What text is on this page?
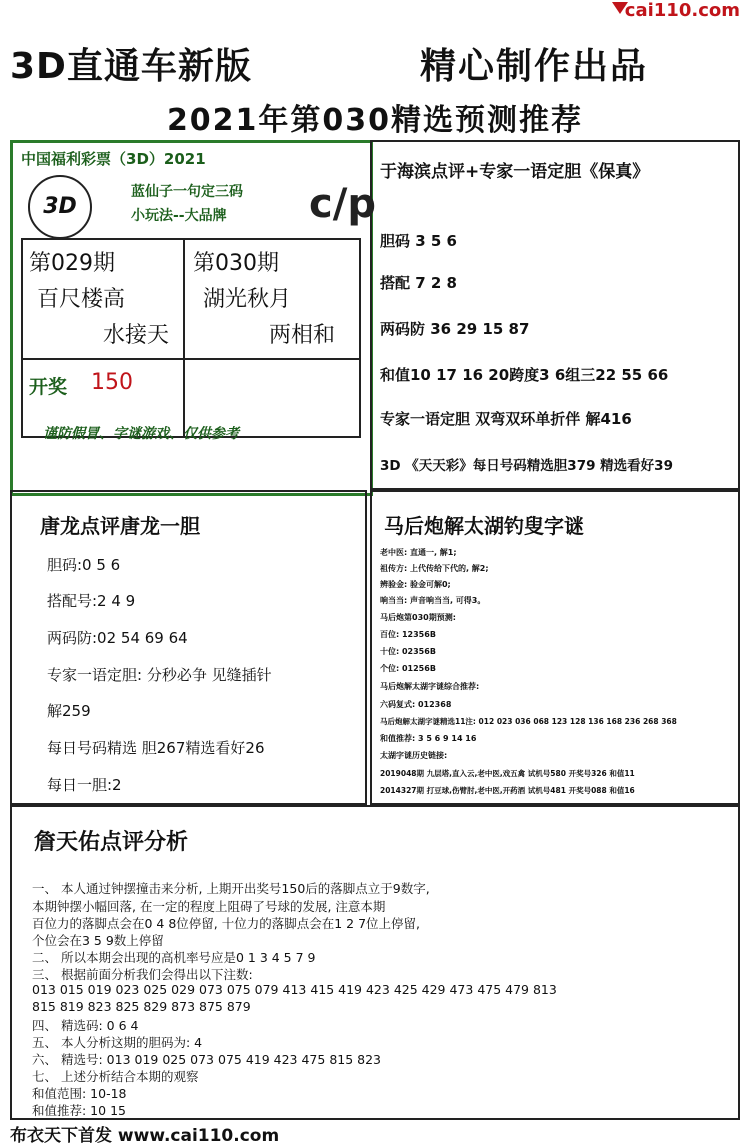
cai110.com
3D直通车新版	精心制作出品
2021年第030精选预测推荐
中国福利彩票（3D）2021
3D
蓝仙子一句定三码
小玩法--大品牌 c/p
第029期
百尺楼高
水接天
第030期
湖光秋月
两相和
开奖 150
谨防假冒、字谜游戏、仅供参考
于海滨点评+专家一语定胆《保真》
胆码 3 5 6
搭配 7 2 8
两码防 36 29 15 87
和值10 17 16 20跨度3 6组三22 55 66
专家一语定胆 双弯双环单折伴 解416
3D 《天天彩》每日号码精选胆379 精选看好39
唐龙点评唐龙一胆
胆码:0 5 6
搭配号:2 4 9
两码防:02 54 69 64
专家一语定胆: 分秒必争 见缝插针
解259
每日号码精选 胆267精选看好26
每日一胆:2
马后炮解太湖钓叟字谜
老中医: 直通一, 解1;
祖传方: 上代传给下代的, 解2;
辨验金: 验金可解0;
响当当: 声音响当当, 可得3。
马后炮第030期预测:
百位: 12356B
十位: 02356B
个位: 01256B
马后炮解太湖字谜综合推荐:
六码复式: 012368
马后炮解太湖字谜精选11注: 012 023 036 068 123 128 136 168 236 268 368
和值推荐: 3 5 6 9 14 16
太湖字谜历史链接:
2019048期 九层塔,直入云,老中医,戏五禽 试机号580 开奖号326 和值11
2014327期 打豆球,伤臂肘,老中医,开药酒 试机号481 开奖号088 和值16
詹天佑点评分析
一、 本人通过钟摆撞击来分析, 上期开出奖号150后的落脚点立于9数字,
本期钟摆小幅回落, 在一定的程度上阻碍了号球的发展, 注意本期
百位力的落脚点会在0 4 8位停留, 十位力的落脚点会在1 2 7位上停留,
个位会在3 5 9数上停留
二、 所以本期会出现的高机率号应是0 1 3 4 5 7 9
三、 根据前面分析我们会得出以下注数:
013 015 019 023 025 029 073 075 079 413 415 419 423 425 429 473 475 479 813
815 819 823 825 829 873 875 879
四、 精选码: 0 6 4
五、 本人分析这期的胆码为: 4
六、 精选号: 013 019 025 073 075 419 423 475 815 823
七、 上述分析结合本期的观察
和值范围: 10-18
和值推荐: 10 15
布衣天下首发 www.cai110.com
